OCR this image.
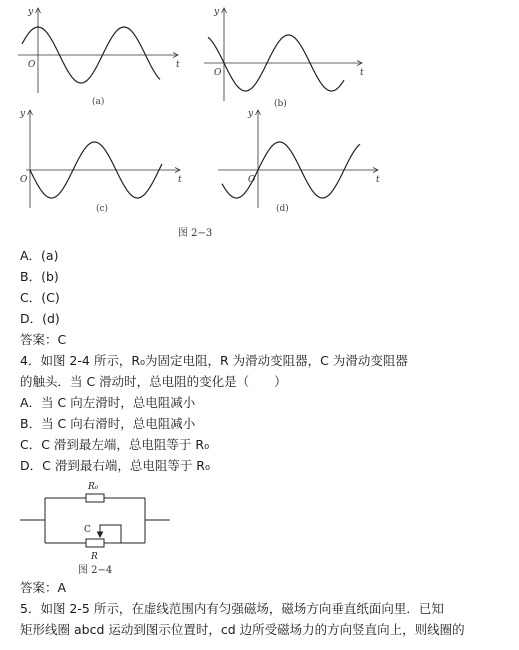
y
t
O
(a)
y
t
O
(b)
y
t
O
(c)
y
t
O
(d)
图 2−3
A．(a)
B．(b)
C．(C)
D．(d)
答案：C
4．如图 2-4 所示，R₀为固定电阻，R 为滑动变阻器，C 为滑动变阻器
的触头．当 C 滑动时，总电阻的变化是（　　）
A．当 C 向左滑时，总电阻减小
B．当 C 向右滑时，总电阻减小
C．C 滑到最左端，总电阻等于 R₀
D．C 滑到最右端，总电阻等于 R₀
R₀
C
R
图 2−4
答案：A
5．如图 2-5 所示，在虚线范围内有匀强磁场，磁场方向垂直纸面向里．已知
矩形线圈 abcd 运动到图示位置时，cd 边所受磁场力的方向竖直向上，则线圈的
